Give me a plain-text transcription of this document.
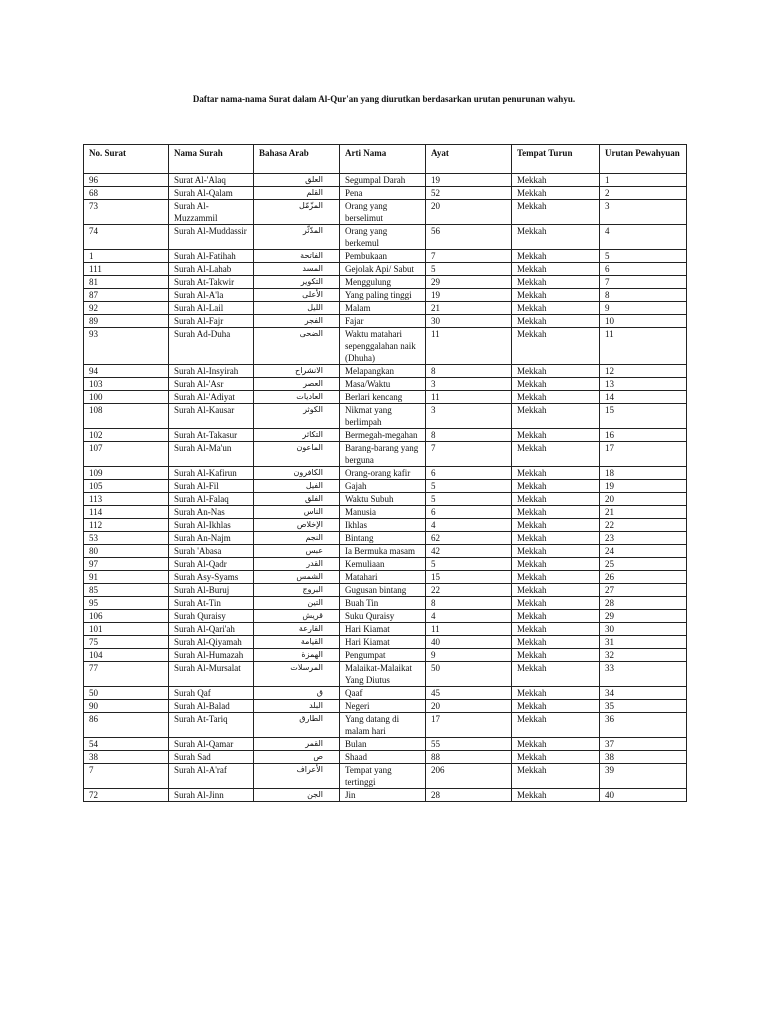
Daftar nama-nama Surat dalam Al-Qur'an yang diurutkan berdasarkan urutan penurunan wahyu.
No. Surat	Nama Surah	Bahasa Arab	Arti Nama	Ayat	Tempat Turun	Urutan Pewahyuan
96	Surat Al-'Alaq	العلق	Segumpal Darah	19	Mekkah	1
68	Surah Al-Qalam	القلم	Pena	52	Mekkah	2
73	Surah Al-Muzzammil	المزّمّل	Orang yang berselimut	20	Mekkah	3
74	Surah Al-Muddassir	المدّثّر	Orang yang berkemul	56	Mekkah	4
1	Surah Al-Fatihah	الفاتحة	Pembukaan	7	Mekkah	5
111	Surah Al-Lahab	المسد	Gejolak Api/ Sabut	5	Mekkah	6
81	Surah At-Takwir	التكوير	Menggulung	29	Mekkah	7
87	Surah Al-A'la	الأعلى	Yang paling tinggi	19	Mekkah	8
92	Surah Al-Lail	الليل	Malam	21	Mekkah	9
89	Surah Al-Fajr	الفجر	Fajar	30	Mekkah	10
93	Surah Ad-Duha	الضحى	Waktu matahari sepenggalahan naik (Dhuha)	11	Mekkah	11
94	Surah Al-Insyirah	الانشراح	Melapangkan	8	Mekkah	12
103	Surah Al-'Asr	العصر	Masa/Waktu	3	Mekkah	13
100	Surah Al-'Adiyat	العاديات	Berlari kencang	11	Mekkah	14
108	Surah Al-Kausar	الكوثر	Nikmat yang berlimpah	3	Mekkah	15
102	Surah At-Takasur	التكاثر	Bermegah-megahan	8	Mekkah	16
107	Surah Al-Ma'un	الماعون	Barang-barang yang berguna	7	Mekkah	17
109	Surah Al-Kafirun	الكافرون	Orang-orang kafir	6	Mekkah	18
105	Surah Al-Fil	الفيل	Gajah	5	Mekkah	19
113	Surah Al-Falaq	الفلق	Waktu Subuh	5	Mekkah	20
114	Surah An-Nas	الناس	Manusia	6	Mekkah	21
112	Surah Al-Ikhlas	الإخلاص	Ikhlas	4	Mekkah	22
53	Surah An-Najm	النجم	Bintang	62	Mekkah	23
80	Surah 'Abasa	عبس	Ia Bermuka masam	42	Mekkah	24
97	Surah Al-Qadr	القدر	Kemuliaan	5	Mekkah	25
91	Surah Asy-Syams	الشمس	Matahari	15	Mekkah	26
85	Surah Al-Buruj	البروج	Gugusan bintang	22	Mekkah	27
95	Surah At-Tin	التين	Buah Tin	8	Mekkah	28
106	Surah Quraisy	قريش	Suku Quraisy	4	Mekkah	29
101	Surah Al-Qari'ah	القارعة	Hari Kiamat	11	Mekkah	30
75	Surah Al-Qiyamah	القيامة	Hari Kiamat	40	Mekkah	31
104	Surah Al-Humazah	الهمزة	Pengumpat	9	Mekkah	32
77	Surah Al-Mursalat	المرسلات	Malaikat-Malaikat Yang Diutus	50	Mekkah	33
50	Surah Qaf	ق	Qaaf	45	Mekkah	34
90	Surah Al-Balad	البلد	Negeri	20	Mekkah	35
86	Surah At-Tariq	الطارق	Yang datang di malam hari	17	Mekkah	36
54	Surah Al-Qamar	القمر	Bulan	55	Mekkah	37
38	Surah Sad	ص	Shaad	88	Mekkah	38
7	Surah Al-A'raf	الأعراف	Tempat yang tertinggi	206	Mekkah	39
72	Surah Al-Jinn	الجن	Jin	28	Mekkah	40
